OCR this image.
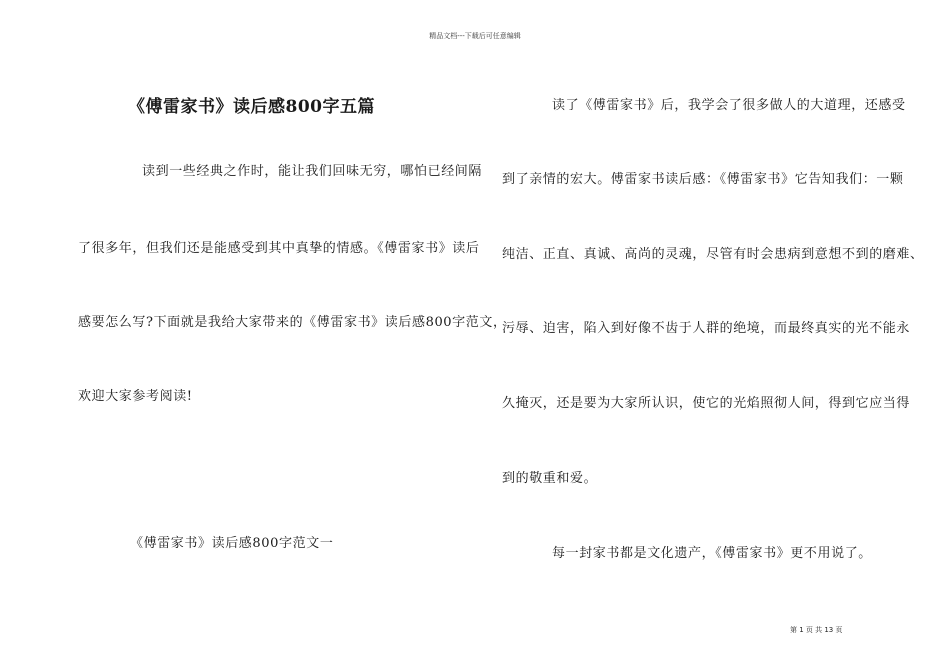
精品文档---下载后可任意编辑
《傅雷家书》读后感800字五篇
读到一些经典之作时，能让我们回味无穷，哪怕已经间隔
了很多年，但我们还是能感受到其中真挚的情感。《傅雷家书》读后
感要怎么写?下面就是我给大家带来的《傅雷家书》读后感800字范文，
欢迎大家参考阅读!
《傅雷家书》读后感800字范文一
读了《傅雷家书》后，我学会了很多做人的大道理，还感受
到了亲情的宏大。傅雷家书读后感：《傅雷家书》它告知我们：一颗
纯洁、正直、真诚、高尚的灵魂，尽管有时会患病到意想不到的磨难、
污辱、迫害，陷入到好像不齿于人群的绝境，而最终真实的光不能永
久掩灭，还是要为大家所认识，使它的光焰照彻人间，得到它应当得
到的敬重和爱。
每一封家书都是文化遗产，《傅雷家书》更不用说了。
第 1 页 共 13 页
